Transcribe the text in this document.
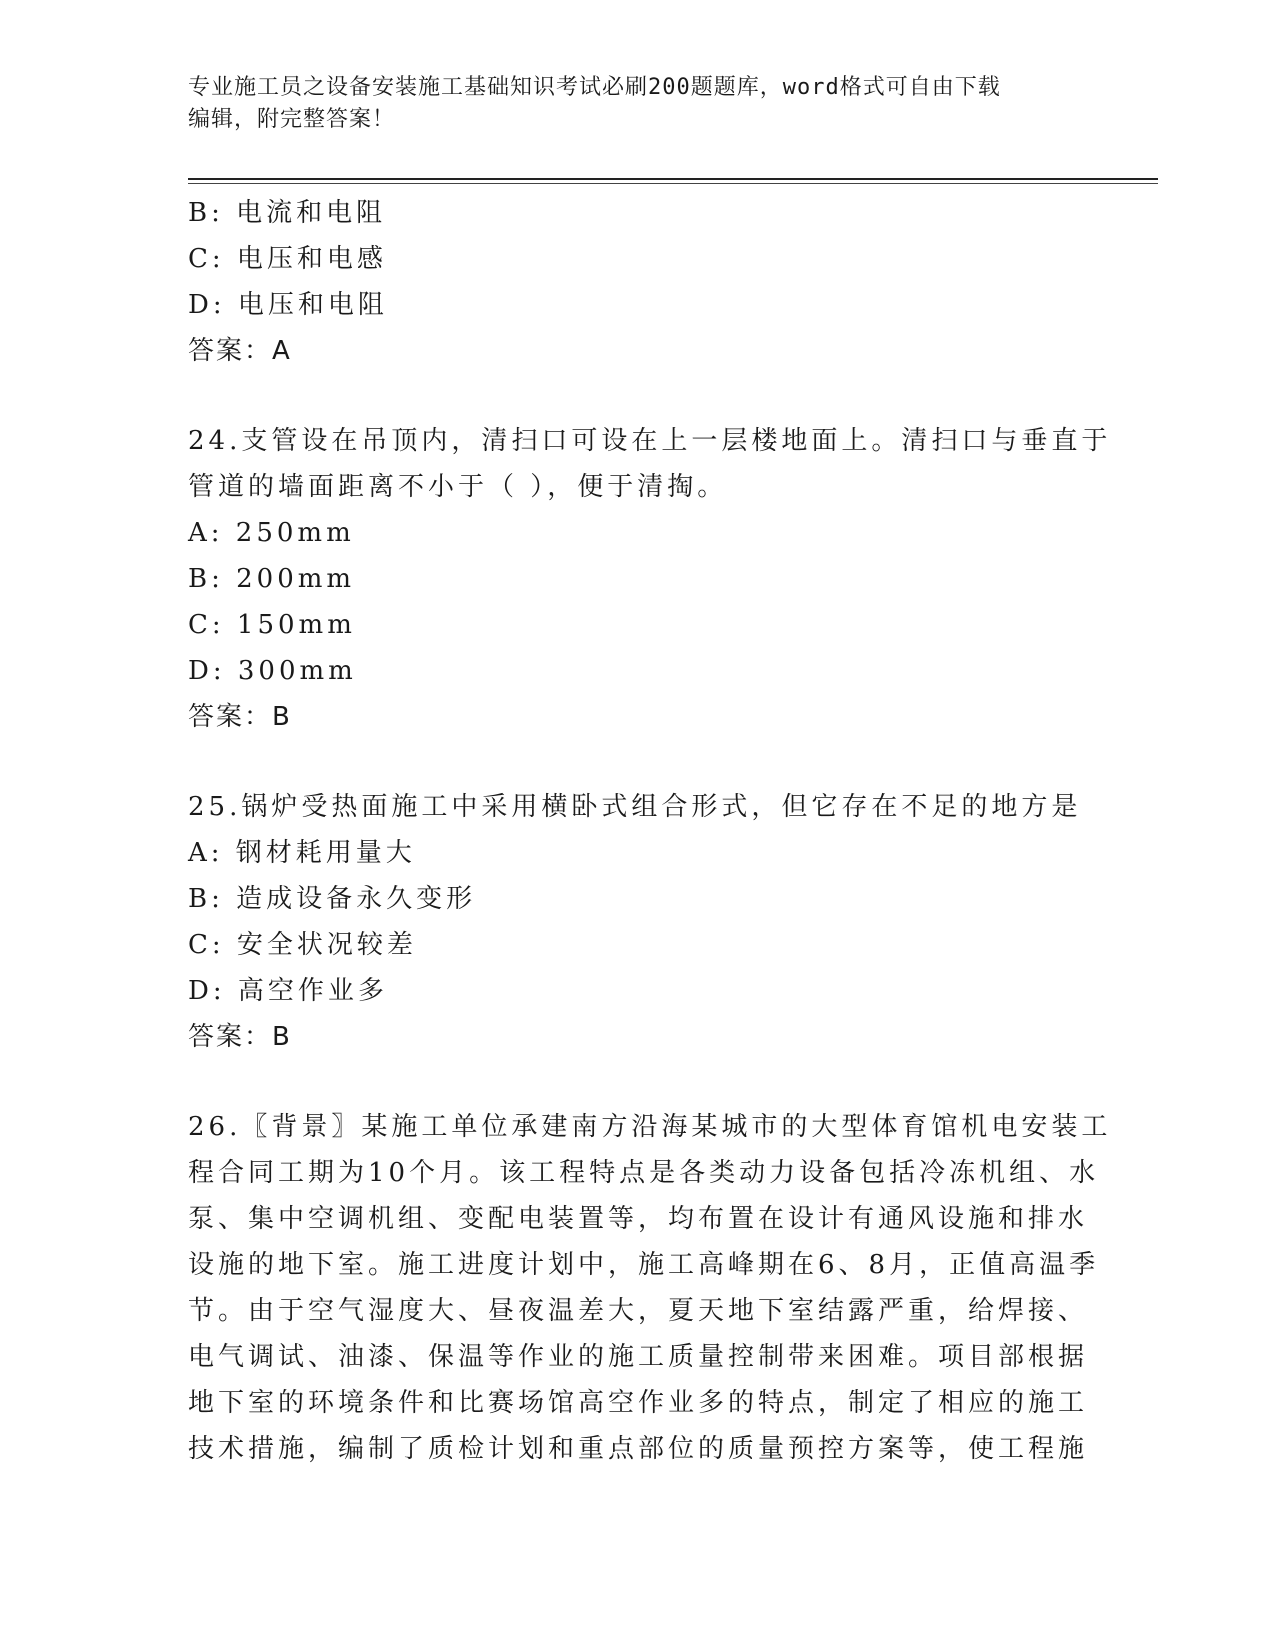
专业施工员之设备安装施工基础知识考试必刷200题题库，word格式可自由下载
编辑，附完整答案！
B: 电流和电阻
C: 电压和电感
D: 电压和电阻
答案：A
24.支管设在吊顶内，清扫口可设在上一层楼地面上。清扫口与垂直于
管道的墙面距离不小于（ ），便于清掏。
A: 250mm
B: 200mm
C: 150mm
D: 300mm
答案：B
25.锅炉受热面施工中采用横卧式组合形式，但它存在不足的地方是
A: 钢材耗用量大
B: 造成设备永久变形
C: 安全状况较差
D: 高空作业多
答案：B
26.〖背景〗某施工单位承建南方沿海某城市的大型体育馆机电安装工
程合同工期为10个月。该工程特点是各类动力设备包括冷冻机组、水
泵、集中空调机组、变配电装置等，均布置在设计有通风设施和排水
设施的地下室。施工进度计划中，施工高峰期在6、8月，正值高温季
节。由于空气湿度大、昼夜温差大，夏天地下室结露严重，给焊接、
电气调试、油漆、保温等作业的施工质量控制带来困难。项目部根据
地下室的环境条件和比赛场馆高空作业多的特点，制定了相应的施工
技术措施，编制了质检计划和重点部位的质量预控方案等，使工程施
